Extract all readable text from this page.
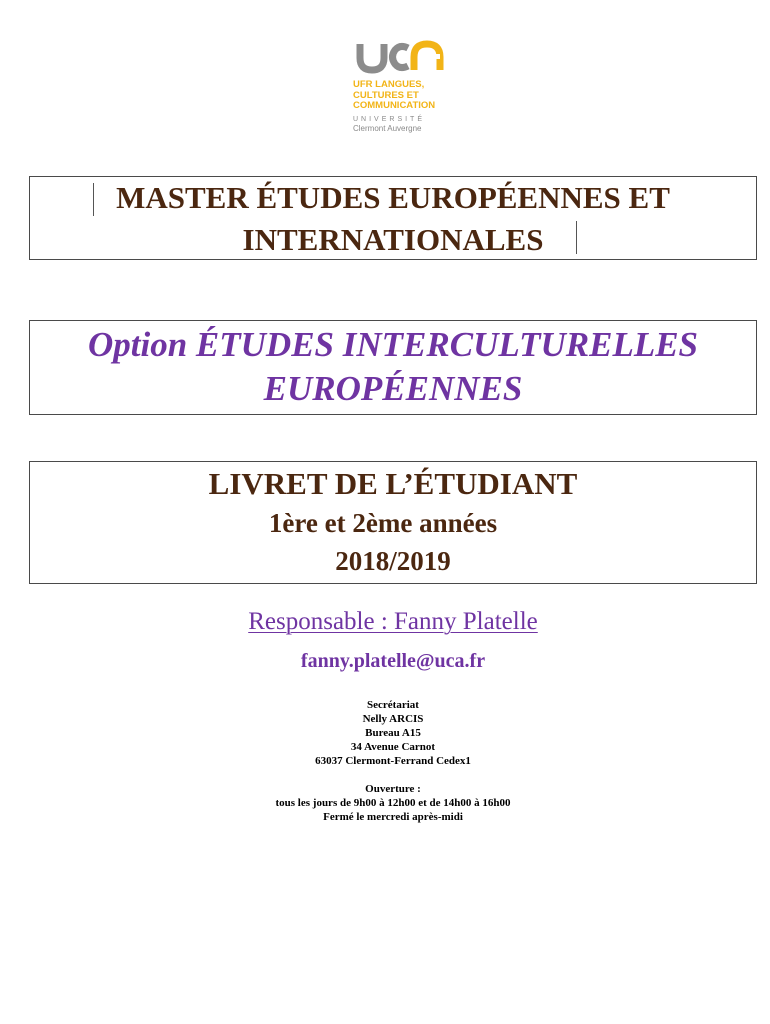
UFR LANGUES,
CULTURES ET
COMMUNICATION
UNIVERSITÉ
Clermont Auvergne
MASTER ÉTUDES EUROPÉENNES ET
INTERNATIONALES
Option ÉTUDES INTERCULTURELLES
EUROPÉENNES
LIVRET DE L’ÉTUDIANT
1ère et 2ème années
2018/2019
Responsable : Fanny Platelle
fanny.platelle@uca.fr
Secrétariat
Nelly ARCIS
Bureau A15
34 Avenue Carnot
63037 Clermont-Ferrand Cedex1
Ouverture :
tous les jours de 9h00 à 12h00 et de 14h00 à 16h00
Fermé le mercredi après-midi
